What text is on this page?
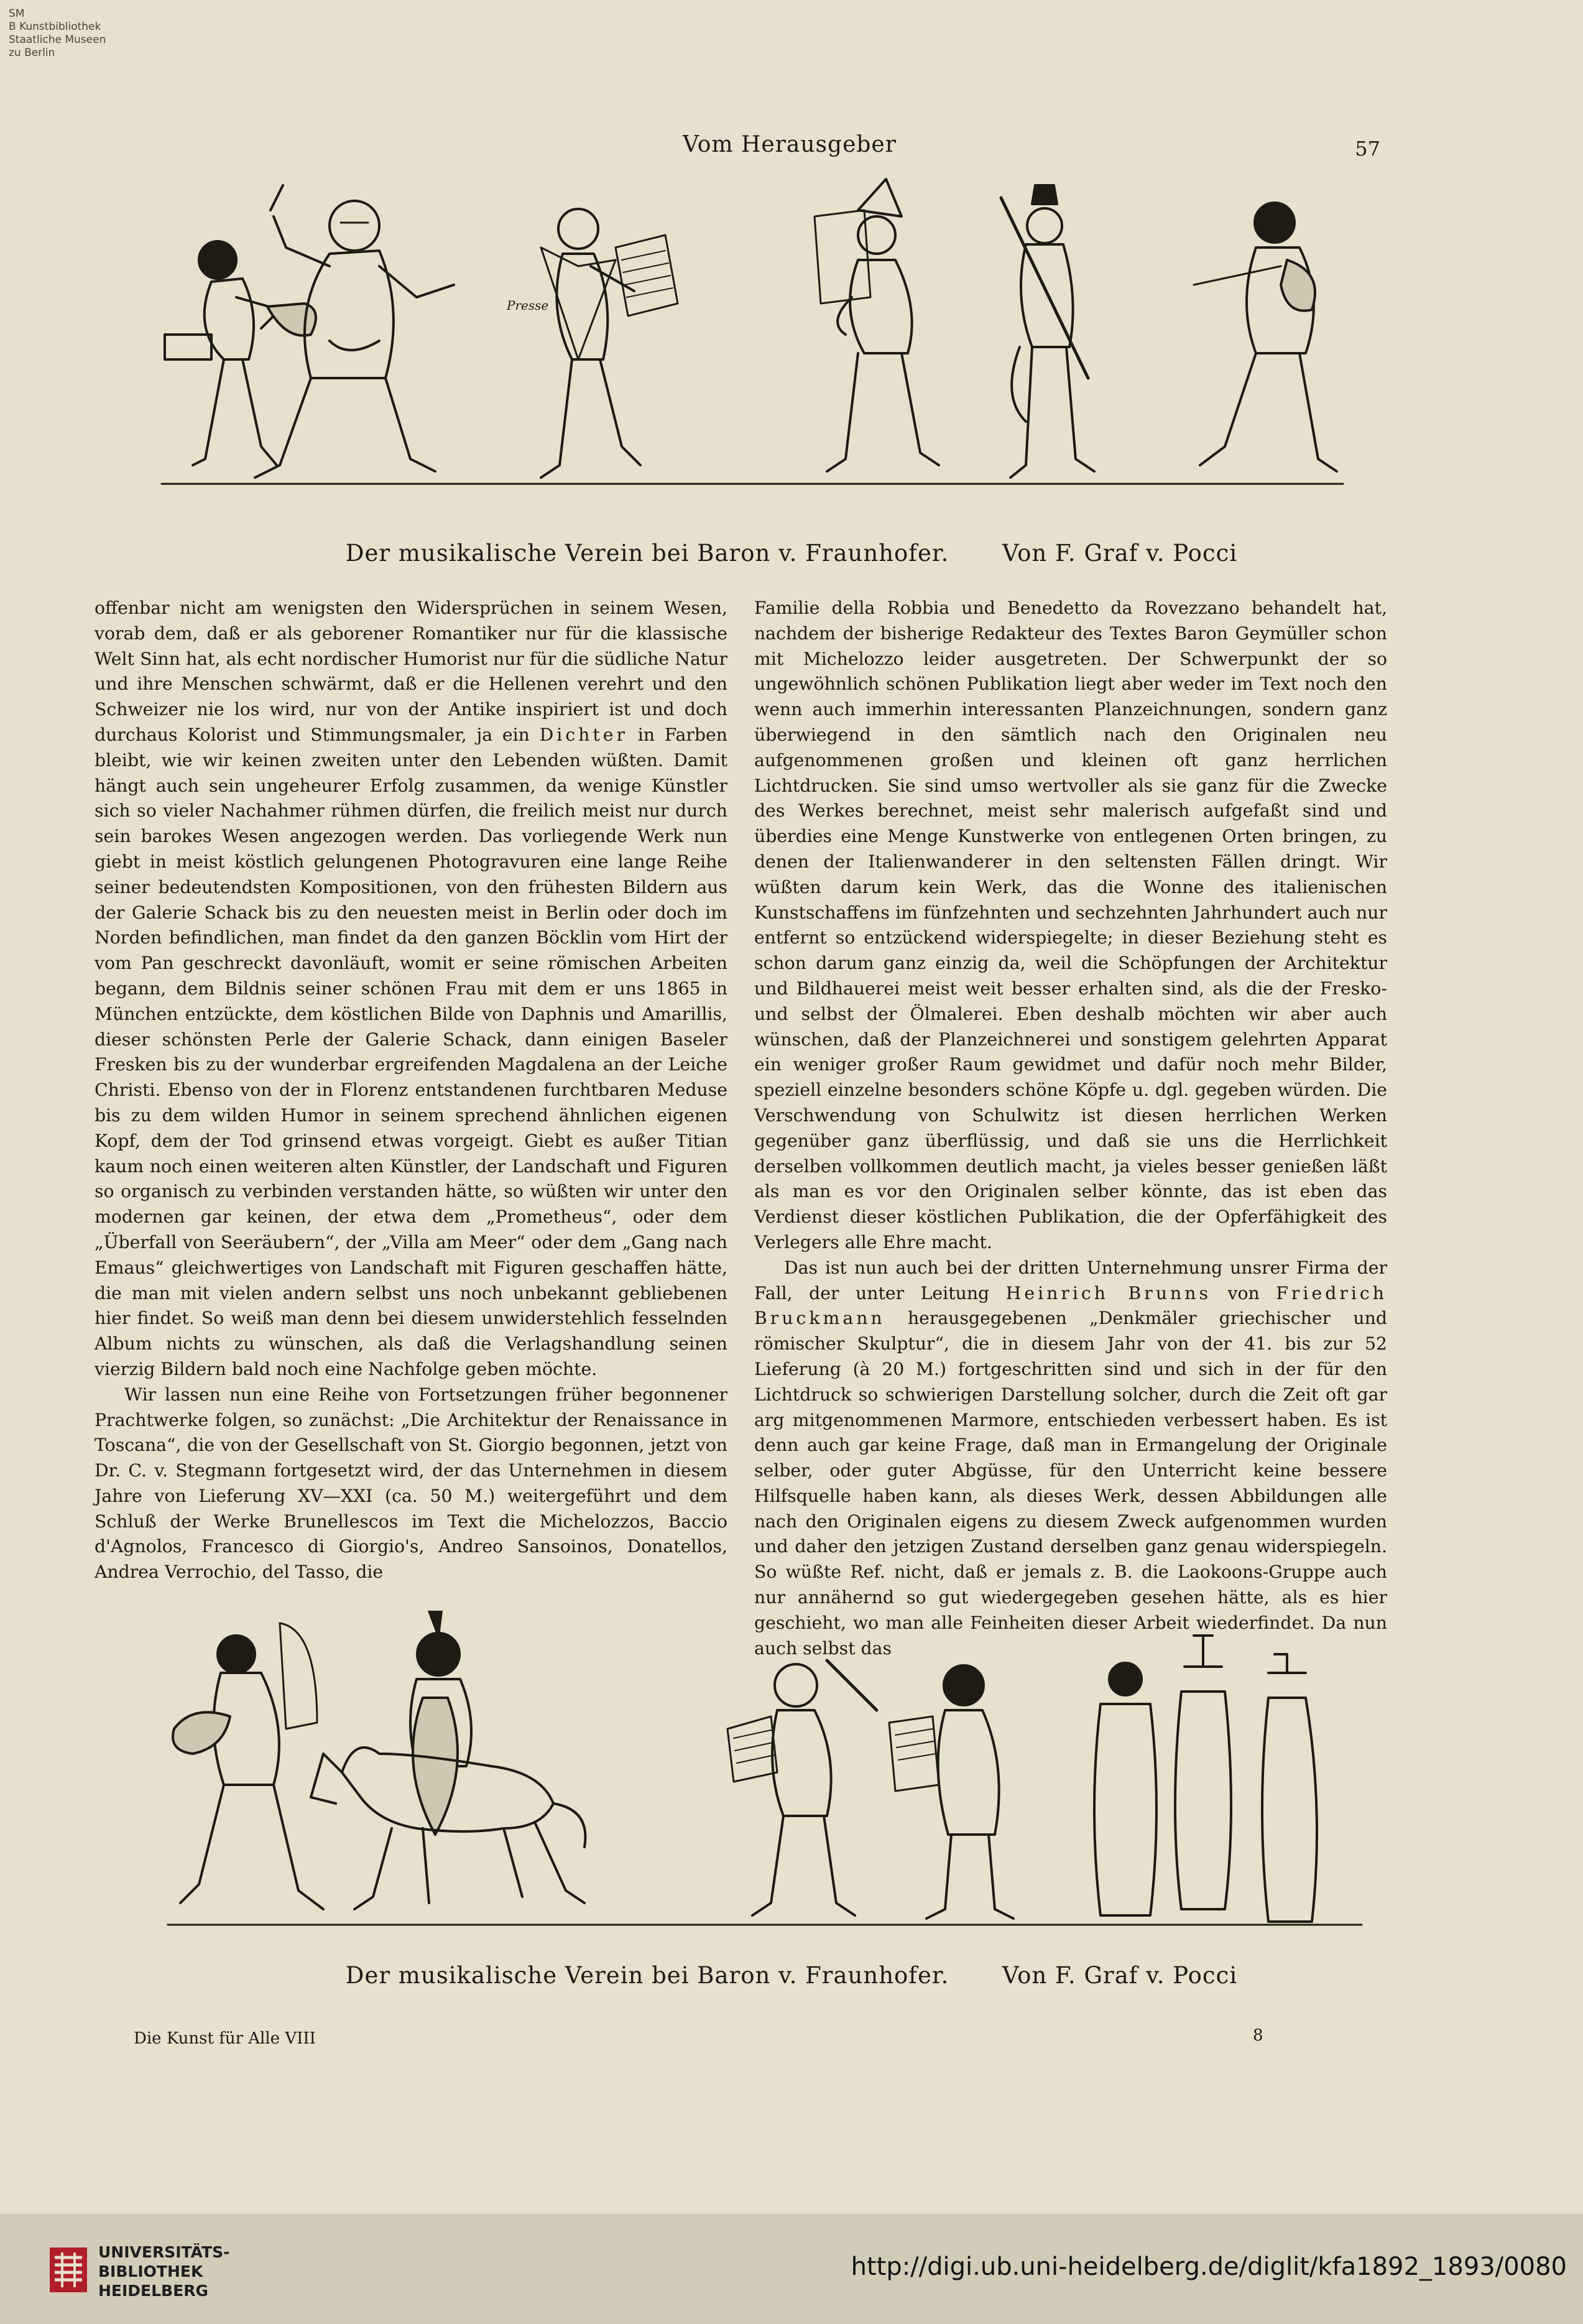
SM
B Kunstbibliothek
Staatliche Museen
zu Berlin
Vom Herausgeber	57
Presse
Der musikalische Verein bei Baron v. Fraunhofer. Von F. Graf v. Pocci

offenbar nicht am wenigsten den Widersprüchen in seinem Wesen, vorab dem, daß er als geborener Romantiker nur für die klassische Welt Sinn hat, als echt nordischer Humorist nur für die südliche Natur und ihre Menschen schwärmt, daß er die Hellenen verehrt und den Schweizer nie los wird, nur von der Antike inspiriert ist und doch durchaus Kolorist und Stimmungsmaler, ja ein Dichter in Farben bleibt, wie wir keinen zweiten unter den Lebenden wüßten. Damit hängt auch sein ungeheurer Erfolg zusammen, da wenige Künstler sich so vieler Nachahmer rühmen dürfen, die freilich meist nur durch sein barokes Wesen angezogen werden. Das vorliegende Werk nun giebt in meist köstlich gelungenen Photogravuren eine lange Reihe seiner bedeutendsten Kompositionen, von den frühesten Bildern aus der Galerie Schack bis zu den neuesten meist in Berlin oder doch im Norden befindlichen, man findet da den ganzen Böcklin vom Hirt der vom Pan geschreckt davonläuft, womit er seine römischen Arbeiten begann, dem Bildnis seiner schönen Frau mit dem er uns 1865 in München entzückte, dem köstlichen Bilde von Daphnis und Amarillis, dieser schönsten Perle der Galerie Schack, dann einigen Baseler Fresken bis zu der wunderbar ergreifenden Magdalena an der Leiche Christi. Ebenso von der in Florenz entstandenen furchtbaren Meduse bis zu dem wilden Humor in seinem sprechend ähnlichen eigenen Kopf, dem der Tod grinsend etwas vorgeigt. Giebt es außer Titian kaum noch einen weiteren alten Künstler, der Landschaft und Figuren so organisch zu verbinden verstanden hätte, so wüßten wir unter den modernen gar keinen, der etwa dem „Prometheus“, oder dem „Überfall von Seeräubern“, der „Villa am Meer“ oder dem „Gang nach Emaus“ gleichwertiges von Landschaft mit Figuren geschaffen hätte, die man mit vielen andern selbst uns noch unbekannt gebliebenen hier findet. So weiß man denn bei diesem unwiderstehlich fesselnden Album nichts zu wünschen, als daß die Verlagshandlung seinen vierzig Bildern bald noch eine Nachfolge geben möchte.

Wir lassen nun eine Reihe von Fortsetzungen früher begonnener Prachtwerke folgen, so zunächst: „Die Architektur der Renaissance in Toscana“, die von der Gesellschaft von St. Giorgio begonnen, jetzt von Dr. C. v. Stegmann fortgesetzt wird, der das Unternehmen in diesem Jahre von Lieferung XV—XXI (ca. 50 M.) weitergeführt und dem Schluß der Werke Brunellescos im Text die Michelozzos, Baccio d'Agnolos, Francesco di Giorgio's, Andreo Sansoinos, Donatellos, Andrea Verrochio, del Tasso, die

Familie della Robbia und Benedetto da Rovezzano behandelt hat, nachdem der bisherige Redakteur des Textes Baron Geymüller schon mit Michelozzo leider ausgetreten. Der Schwerpunkt der so ungewöhnlich schönen Publikation liegt aber weder im Text noch den wenn auch immerhin interessanten Planzeichnungen, sondern ganz überwiegend in den sämtlich nach den Originalen neu aufgenommenen großen und kleinen oft ganz herrlichen Lichtdrucken. Sie sind umso wertvoller als sie ganz für die Zwecke des Werkes berechnet, meist sehr malerisch aufgefaßt sind und überdies eine Menge Kunstwerke von entlegenen Orten bringen, zu denen der Italienwanderer in den seltensten Fällen dringt. Wir wüßten darum kein Werk, das die Wonne des italienischen Kunstschaffens im fünfzehnten und sechzehnten Jahrhundert auch nur entfernt so entzückend widerspiegelte; in dieser Beziehung steht es schon darum ganz einzig da, weil die Schöpfungen der Architektur und Bildhauerei meist weit besser erhalten sind, als die der Fresko- und selbst der Ölmalerei. Eben deshalb möchten wir aber auch wünschen, daß der Planzeichnerei und sonstigem gelehrten Apparat ein weniger großer Raum gewidmet und dafür noch mehr Bilder, speziell einzelne besonders schöne Köpfe u. dgl. gegeben würden. Die Verschwendung von Schulwitz ist diesen herrlichen Werken gegenüber ganz überflüssig, und daß sie uns die Herrlichkeit derselben vollkommen deutlich macht, ja vieles besser genießen läßt als man es vor den Originalen selber könnte, das ist eben das Verdienst dieser köstlichen Publikation, die der Opferfähigkeit des Verlegers alle Ehre macht.

Das ist nun auch bei der dritten Unternehmung unsrer Firma der Fall, der unter Leitung Heinrich Brunns von Friedrich Bruckmann herausgegebenen „Denkmäler griechischer und römischer Skulptur“, die in diesem Jahr von der 41. bis zur 52 Lieferung (à 20 M.) fortgeschritten sind und sich in der für den Lichtdruck so schwierigen Darstellung solcher, durch die Zeit oft gar arg mitgenommenen Marmore, entschieden verbessert haben. Es ist denn auch gar keine Frage, daß man in Ermangelung der Originale selber, oder guter Abgüsse, für den Unterricht keine bessere Hilfsquelle haben kann, als dieses Werk, dessen Abbildungen alle nach den Originalen eigens zu diesem Zweck aufgenommen wurden und daher den jetzigen Zustand derselben ganz genau widerspiegeln. So wüßte Ref. nicht, daß er jemals z. B. die Laokoons-Gruppe auch nur annähernd so gut wiedergegeben gesehen hätte, als es hier geschieht, wo man alle Feinheiten dieser Arbeit wiederfindet. Da nun auch selbst das

Der musikalische Verein bei Baron v. Fraunhofer. Von F. Graf v. Pocci
Die Kunst für Alle VIII	8
UNIVERSITÄTS-
BIBLIOTHEK
HEIDELBERG
http://digi.ub.uni-heidelberg.de/diglit/kfa1892_1893/0080
